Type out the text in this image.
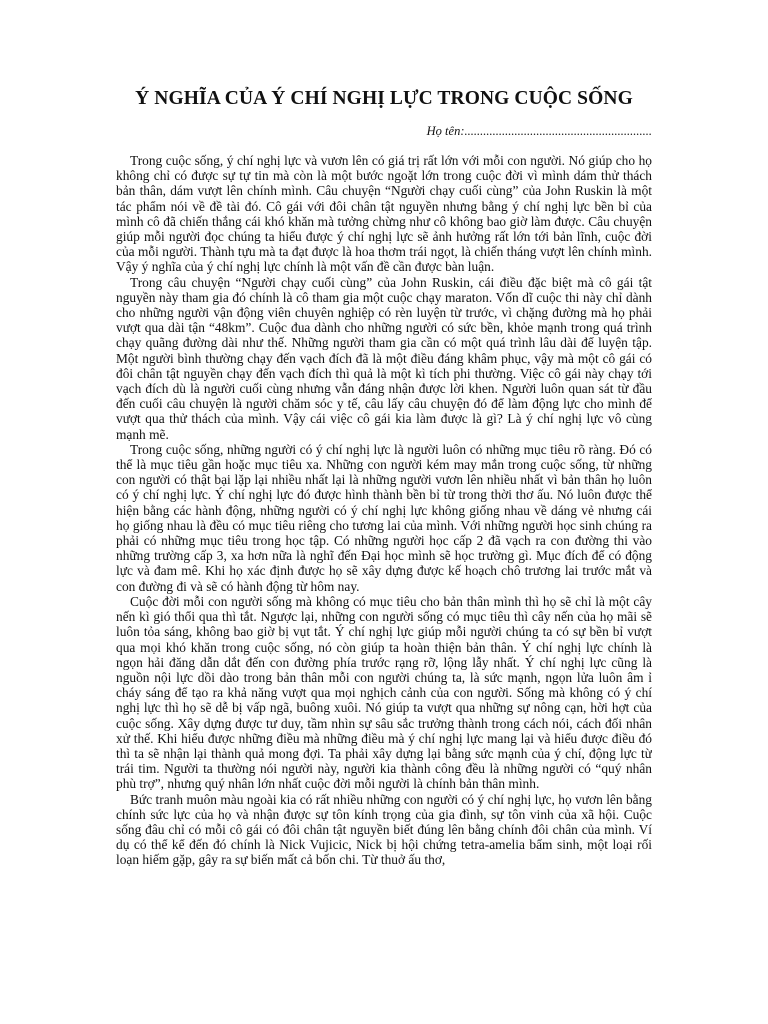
Ý NGHĨA CỦA Ý CHÍ NGHỊ LỰC TRONG CUỘC SỐNG
Họ tên:............................................................

Trong cuộc sống, ý chí nghị lực và vươn lên có giá trị rất lớn với mỗi con người. Nó giúp cho họ không chỉ có được sự tự tin mà còn là một bước ngoặt lớn trong cuộc đời vì mình dám thử thách bản thân, dám vượt lên chính mình. Câu chuyện “Người chạy cuối cùng” của John Ruskin là một tác phẩm nói về đề tài đó. Cô gái với đôi chân tật nguyền nhưng bằng ý chí nghị lực bền bỉ của mình cô đã chiến thắng cái khó khăn mà tưởng chừng như cô không bao giờ làm được. Câu chuyện giúp mỗi người đọc chúng ta hiểu được ý chí nghị lực sẽ ảnh hưởng rất lớn tới bản lĩnh, cuộc đời của mỗi người. Thành tựu mà ta đạt được là hoa thơm trái ngọt, là chiến tháng vượt lên chính mình. Vậy ý nghĩa của ý chí nghị lực chính là một vấn đề cần được bàn luận.

Trong câu chuyện “Người chạy cuối cùng” của John Ruskin, cái điều đặc biệt mà cô gái tật nguyền này tham gia đó chính là cô tham gia một cuộc chạy maraton. Vốn dĩ cuộc thi này chỉ dành cho những người vận động viên chuyên nghiệp có rèn luyện từ trước, vì chặng đường mà họ phải vượt qua dài tận “48km”. Cuộc đua dành cho những người có sức bền, khỏe mạnh trong quá trình chạy quãng đường dài như thế. Những người tham gia cần có một quá trình lâu dài để luyện tập. Một người bình thường chạy đến vạch đích đã là một điều đáng khâm phục, vậy mà một cô gái có đôi chân tật nguyền chạy đến vạch đích thì quả là một kì tích phi thường. Việc cô gái này chạy tới vạch đích dù là người cuối cùng nhưng vẫn đáng nhận được lời khen. Người luôn quan sát từ đầu đến cuối câu chuyện là người chăm sóc y tế, câu lấy câu chuyện đó để làm động lực cho mình để vượt qua thử thách của mình. Vậy cái việc cô gái kia làm được là gì? Là ý chí nghị lực vô cùng mạnh mẽ.

Trong cuộc sống, những người có ý chí nghị lực là người luôn có những mục tiêu rõ ràng. Đó có thể là mục tiêu gần hoặc mục tiêu xa. Những con người kém may mắn trong cuộc sống, từ những con người có thật bại lặp lại nhiều nhất lại là những người vươn lên nhiều nhất vì bản thân họ luôn có ý chí nghị lực. Ý chí nghị lực đó được hình thành bền bỉ từ trong thời thơ ấu. Nó luôn được thể hiện bằng các hành động, những người có ý chí nghị lực không giống nhau về dáng vẻ nhưng cái họ giống nhau là đều có mục tiêu riêng cho tương lai của mình. Với những người học sinh chúng ra phải có những mục tiêu trong học tập. Có những người học cấp 2 đã vạch ra con đường thi vào những trường cấp 3, xa hơn nữa là nghĩ đến Đại học mình sẽ học trường gì. Mục đích để có động lực và đam mê. Khi họ xác định được họ sẽ xây dựng được kế hoạch chô trương lai trước mắt và con đường đi và sẽ có hành động từ hôm nay.

Cuộc đời mỗi con người sống mà không có mục tiêu cho bản thân mình thì họ sẽ chỉ là một cây nến kì gió thổi qua thì tắt. Ngược lại, những con người sống có mục tiêu thì cây nến của họ mãi sẽ luôn tỏa sáng, không bao giờ bị vụt tắt. Ý chí nghị lực giúp mỗi người chúng ta có sự bền bỉ vượt qua mọi khó khăn trong cuộc sống, nó còn giúp ta hoàn thiện bản thân. Ý chí nghị lực chính là ngọn hải đăng dẫn dắt đến con đường phía trước rạng rỡ, lộng lẫy nhất. Ý chí nghị lực cũng là nguồn nội lực dồi dào trong bản thân mỗi con người chúng ta, là sức mạnh, ngọn lửa luôn âm ỉ cháy sáng để tạo ra khả năng vượt qua mọi nghịch cảnh của con người. Sống mà không có ý chí nghị lực thì họ sẽ dễ bị vấp ngã, buông xuôi. Nó giúp ta vượt qua những sự nông cạn, hời hợt của cuộc sống. Xây dựng được tư duy, tầm nhìn sự sâu sắc trưởng thành trong cách nói, cách đối nhân xử thế. Khi hiểu được những điều mà những điều mà ý chí nghị lực mang lại và hiểu được điều đó thì ta sẽ nhận lại thành quả mong đợi. Ta phải xây dựng lại bằng sức mạnh của ý chí, động lực từ trái tim. Người ta thường nói người này, người kia thành công đều là những người có “quý nhân phù trợ”, nhưng quý nhân lớn nhất cuộc đời mỗi người là chính bản thân mình.

Bức tranh muôn màu ngoài kia có rất nhiều những con người có ý chí nghị lực, họ vươn lên bằng chính sức lực của họ và nhận được sự tôn kính trọng của gia đình, sự tôn vinh của xã hội. Cuộc sống đâu chỉ có mỗi cô gái có đôi chân tật nguyền biết đúng lên bằng chính đôi chân của mình. Ví dụ có thể kể đến đó chính là Nick Vujicic, Nick bị hội chứng tetra-amelia bẩm sinh, một loại rối loạn hiếm gặp, gây ra sự biến mất cả bốn chi. Từ thuở ấu thơ,
